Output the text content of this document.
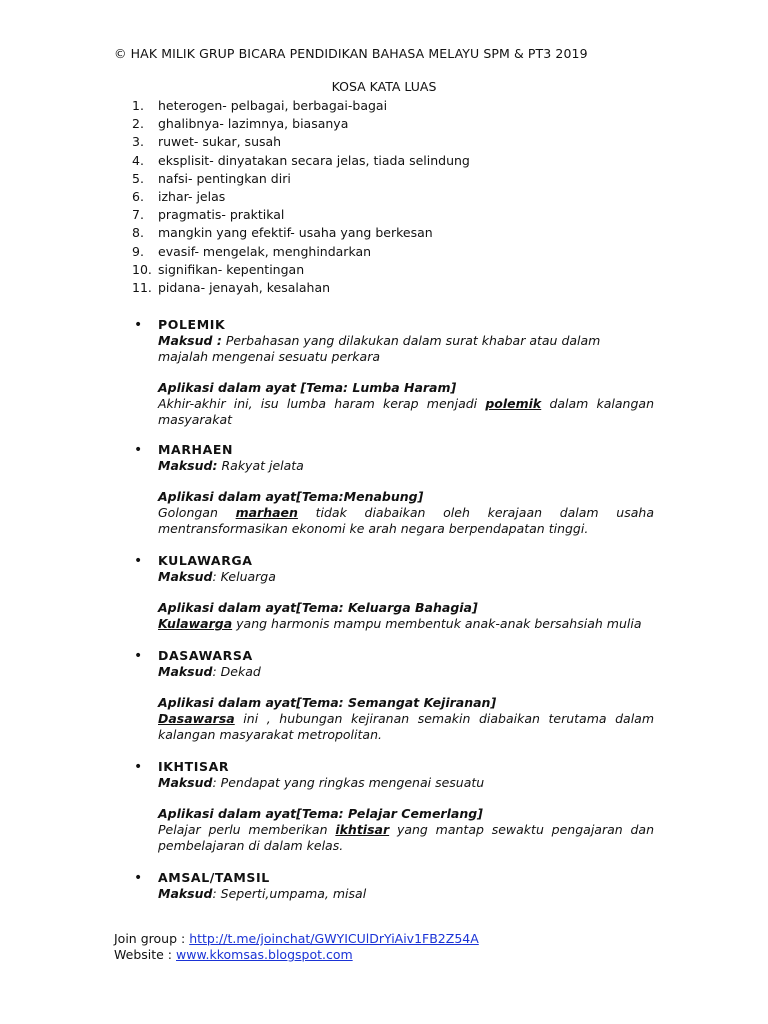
© HAK MILIK GRUP BICARA PENDIDIKAN BAHASA MELAYU SPM & PT3 2019
KOSA KATA LUAS
1. heterogen- pelbagai, berbagai-bagai
2. ghalibnya- lazimnya, biasanya
3. ruwet- sukar, susah
4. eksplisit- dinyatakan secara jelas, tiada selindung
5. nafsi- pentingkan diri
6. izhar- jelas
7. pragmatis- praktikal
8. mangkin yang efektif- usaha yang berkesan
9. evasif- mengelak, menghindarkan
10. signifikan- kepentingan
11. pidana- jenayah, kesalahan
• POLEMIK
Maksud : Perbahasan yang dilakukan dalam surat khabar atau dalam majalah mengenai sesuatu perkara
Aplikasi dalam ayat [Tema: Lumba Haram]
Akhir-akhir ini, isu lumba haram kerap menjadi polemik dalam kalangan masyarakat
• MARHAEN
Maksud: Rakyat jelata
Aplikasi dalam ayat[Tema:Menabung]
Golongan marhaen tidak diabaikan oleh kerajaan dalam usaha mentransformasikan ekonomi ke arah negara berpendapatan tinggi.
• KULAWARGA
Maksud: Keluarga
Aplikasi dalam ayat[Tema: Keluarga Bahagia]
Kulawarga yang harmonis mampu membentuk anak-anak bersahsiah mulia
• DASAWARSA
Maksud: Dekad
Aplikasi dalam ayat[Tema: Semangat Kejiranan]
Dasawarsa ini , hubungan kejiranan semakin diabaikan terutama dalam kalangan masyarakat metropolitan.
• IKHTISAR
Maksud: Pendapat yang ringkas mengenai sesuatu
Aplikasi dalam ayat[Tema: Pelajar Cemerlang]
Pelajar perlu memberikan ikhtisar yang mantap sewaktu pengajaran dan pembelajaran di dalam kelas.
• AMSAL/TAMSIL
Maksud: Seperti,umpama, misal
Join group : http://t.me/joinchat/GWYICUlDrYiAiv1FB2Z54A
Website : www.kkomsas.blogspot.com
